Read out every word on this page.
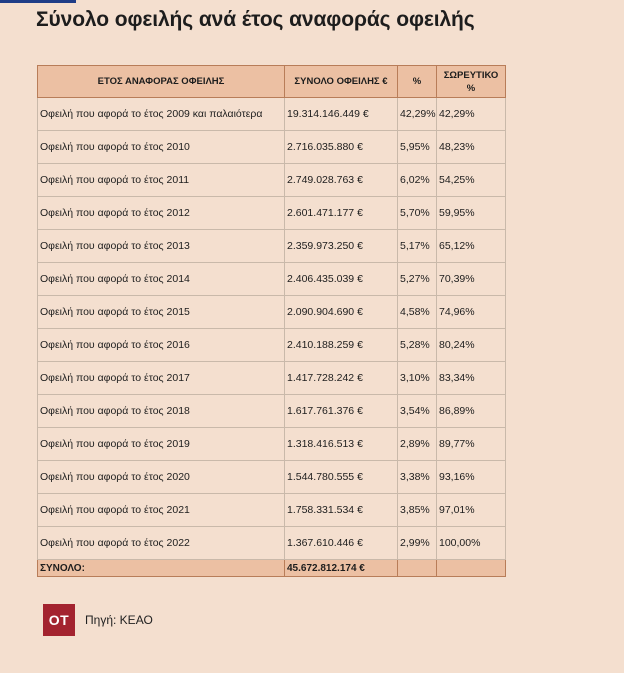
Σύνολο οφειλής ανά έτος αναφοράς οφειλής
ΕΤΟΣ ΑΝΑΦΟΡΑΣ ΟΦΕΙΛΗΣ	ΣΥΝΟΛΟ ΟΦΕΙΛΗΣ €	%	ΣΩΡΕΥΤΙΚΟ %
Οφειλή που αφορά το έτος 2009 και παλαιότερα	19.314.146.449 €	42,29%	42,29%
Οφειλή που αφορά το έτος 2010	2.716.035.880 €	5,95%	48,23%
Οφειλή που αφορά το έτος 2011	2.749.028.763 €	6,02%	54,25%
Οφειλή που αφορά το έτος 2012	2.601.471.177 €	5,70%	59,95%
Οφειλή που αφορά το έτος 2013	2.359.973.250 €	5,17%	65,12%
Οφειλή που αφορά το έτος 2014	2.406.435.039 €	5,27%	70,39%
Οφειλή που αφορά το έτος 2015	2.090.904.690 €	4,58%	74,96%
Οφειλή που αφορά το έτος 2016	2.410.188.259 €	5,28%	80,24%
Οφειλή που αφορά το έτος 2017	1.417.728.242 €	3,10%	83,34%
Οφειλή που αφορά το έτος 2018	1.617.761.376 €	3,54%	86,89%
Οφειλή που αφορά το έτος 2019	1.318.416.513 €	2,89%	89,77%
Οφειλή που αφορά το έτος 2020	1.544.780.555 €	3,38%	93,16%
Οφειλή που αφορά το έτος 2021	1.758.331.534 €	3,85%	97,01%
Οφειλή που αφορά το έτος 2022	1.367.610.446 €	2,99%	100,00%
ΣΥΝΟΛΟ:	45.672.812.174 €		
OT	Πηγή: ΚΕΑΟ
